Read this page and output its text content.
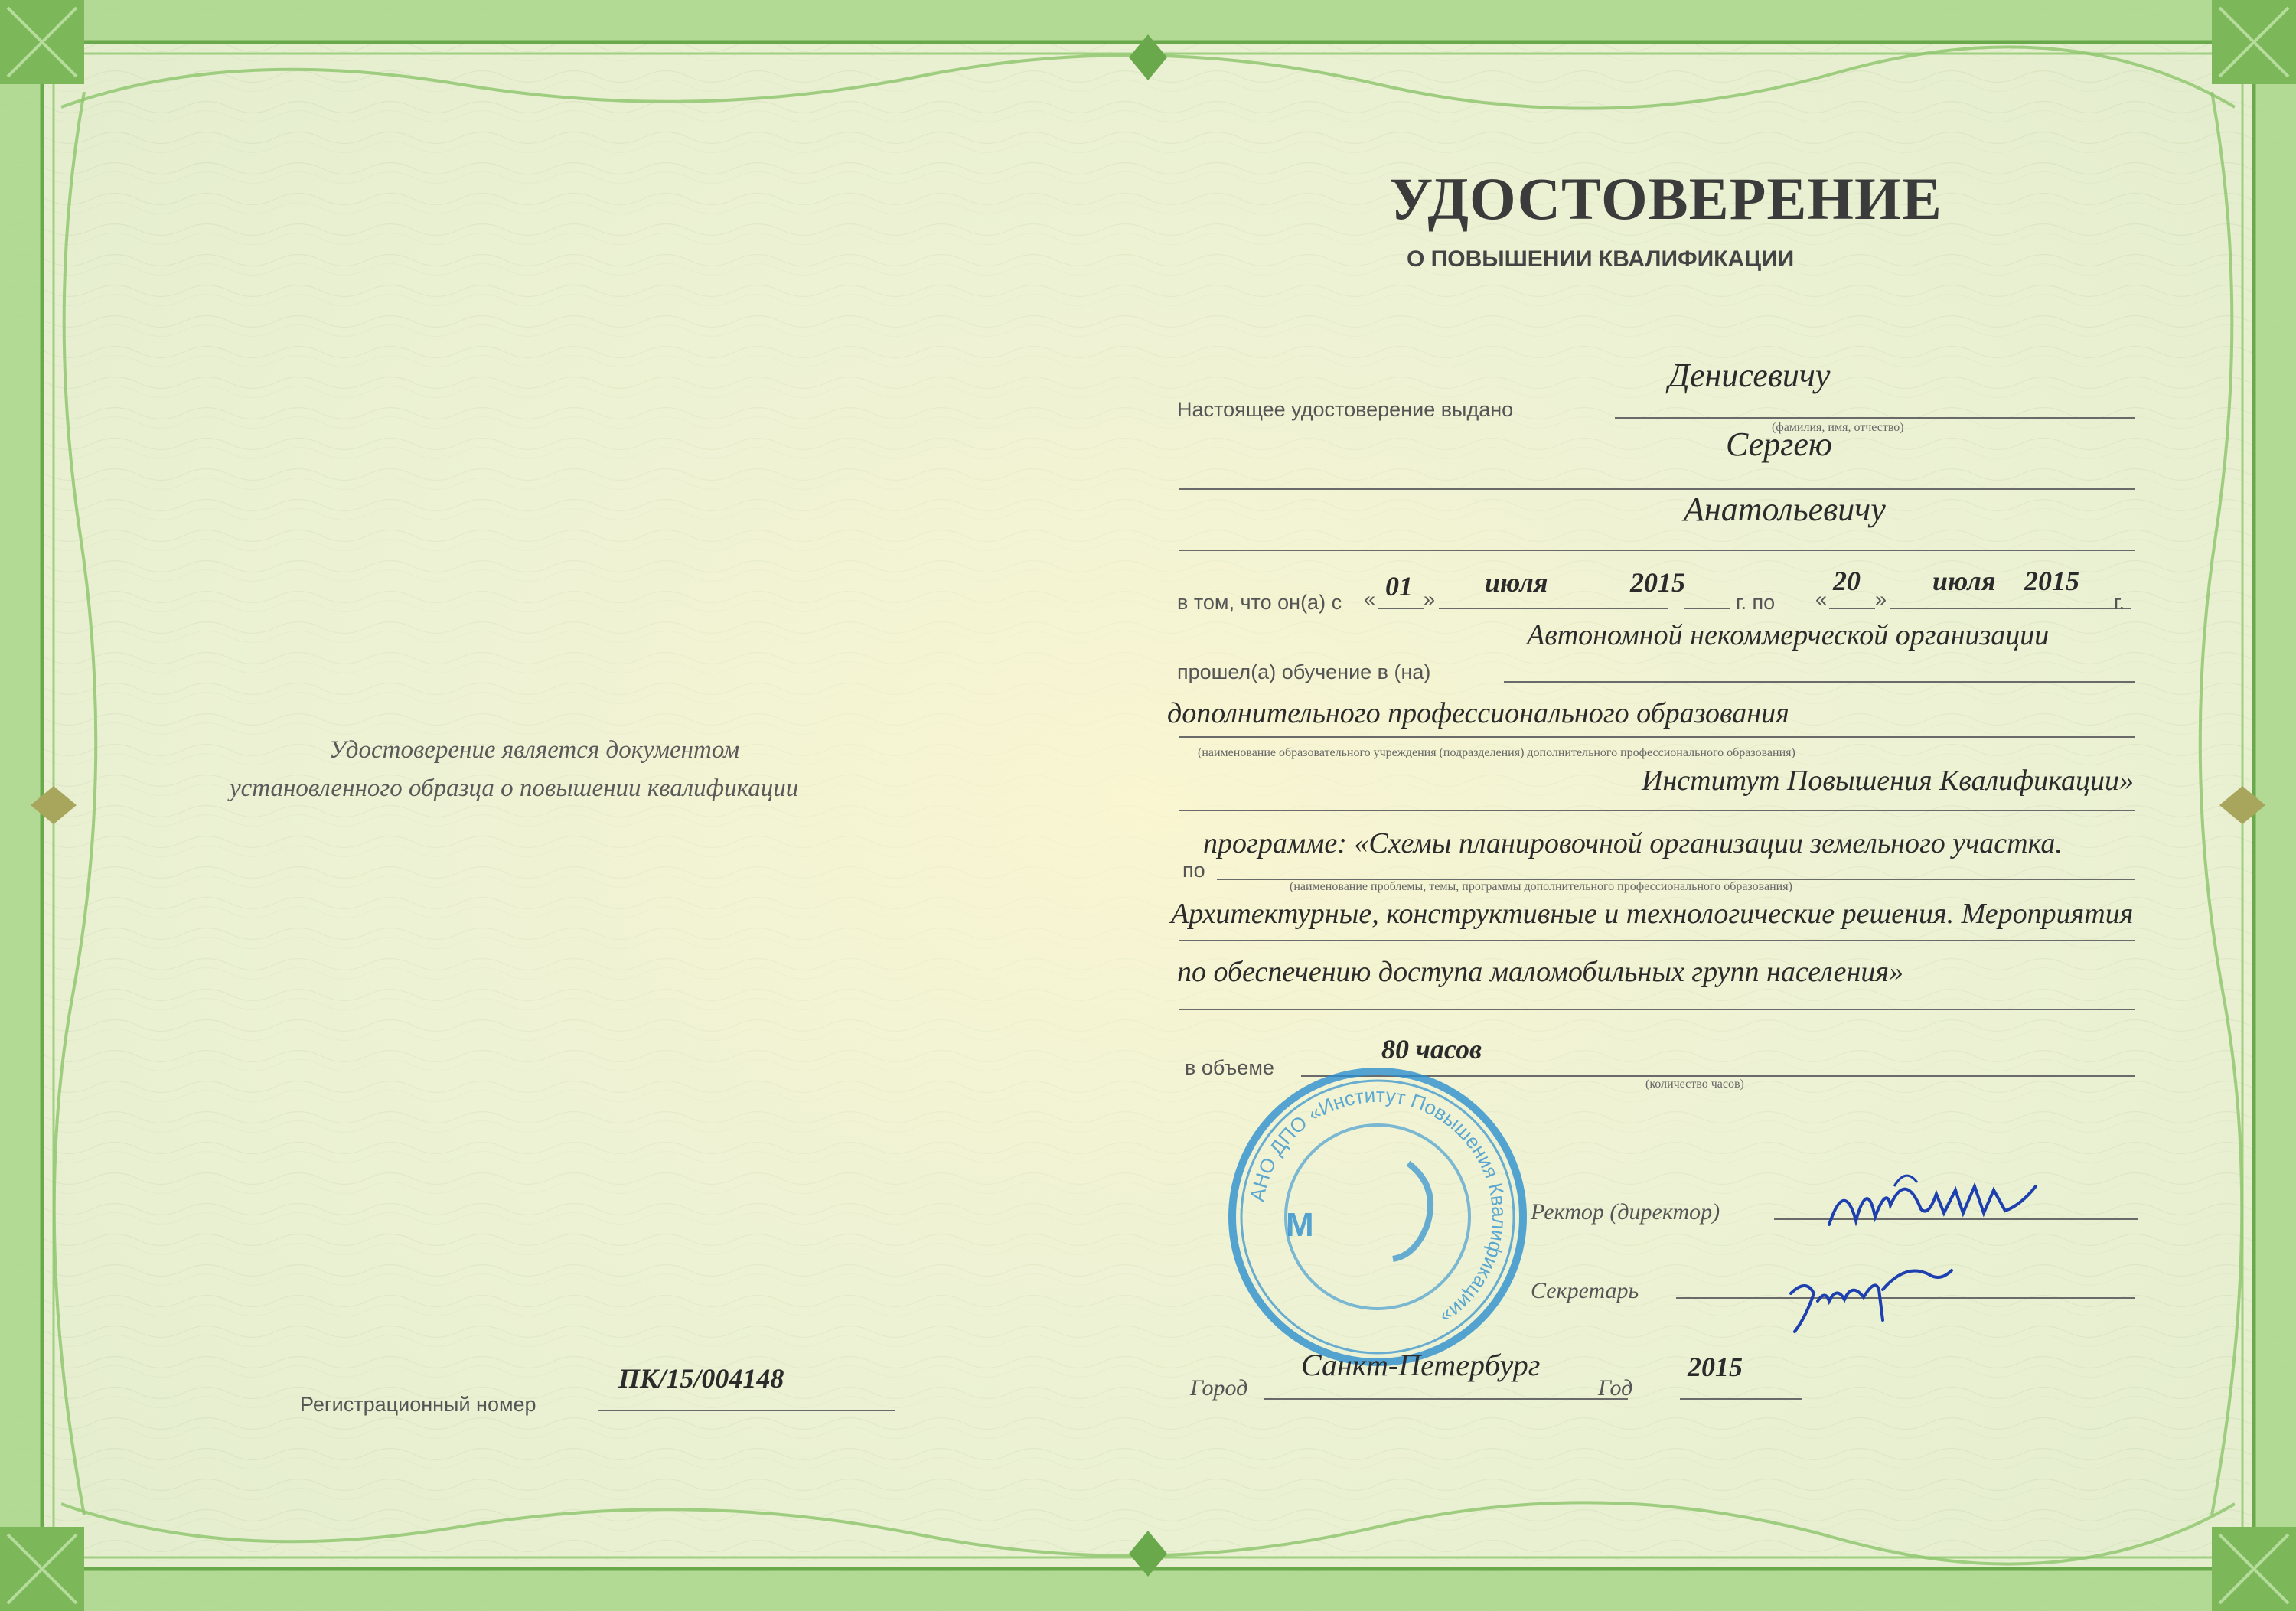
УДОСТОВЕРЕНИЕ
О ПОВЫШЕНИИ КВАЛИФИКАЦИИ
Удостоверение является документом
установленного образца о повышении квалификации
Регистрационный номер
ПК/15/004148
Настоящее удостоверение выдано
Денисевичу
(фамилия, имя, отчество)
Сергею
Анатольевичу
в том, что он(а) с « 01 »
июля	2015
г. по «
20
»
июля 2015
г.
Автономной некоммерческой организации
прошел(а) обучение в (на)
дополнительного профессионального образования
(наименование образовательного учреждения (подразделения) дополнительного профессионального образования)
Институт Повышения Квалификации»
программе: «Схемы планировочной организации земельного участка.
по
(наименование проблемы, темы, программы дополнительного профессионального образования)
Архитектурные, конструктивные и технологические решения. Мероприятия
по обеспечению доступа маломобильных групп населения»
в объеме
80 часов
(количество часов)
АНО ДПО «Институт Повышения Квалификации»
М	Ректор (директор)
Секретарь
Город
Санкт-Петербург
Год
2015
